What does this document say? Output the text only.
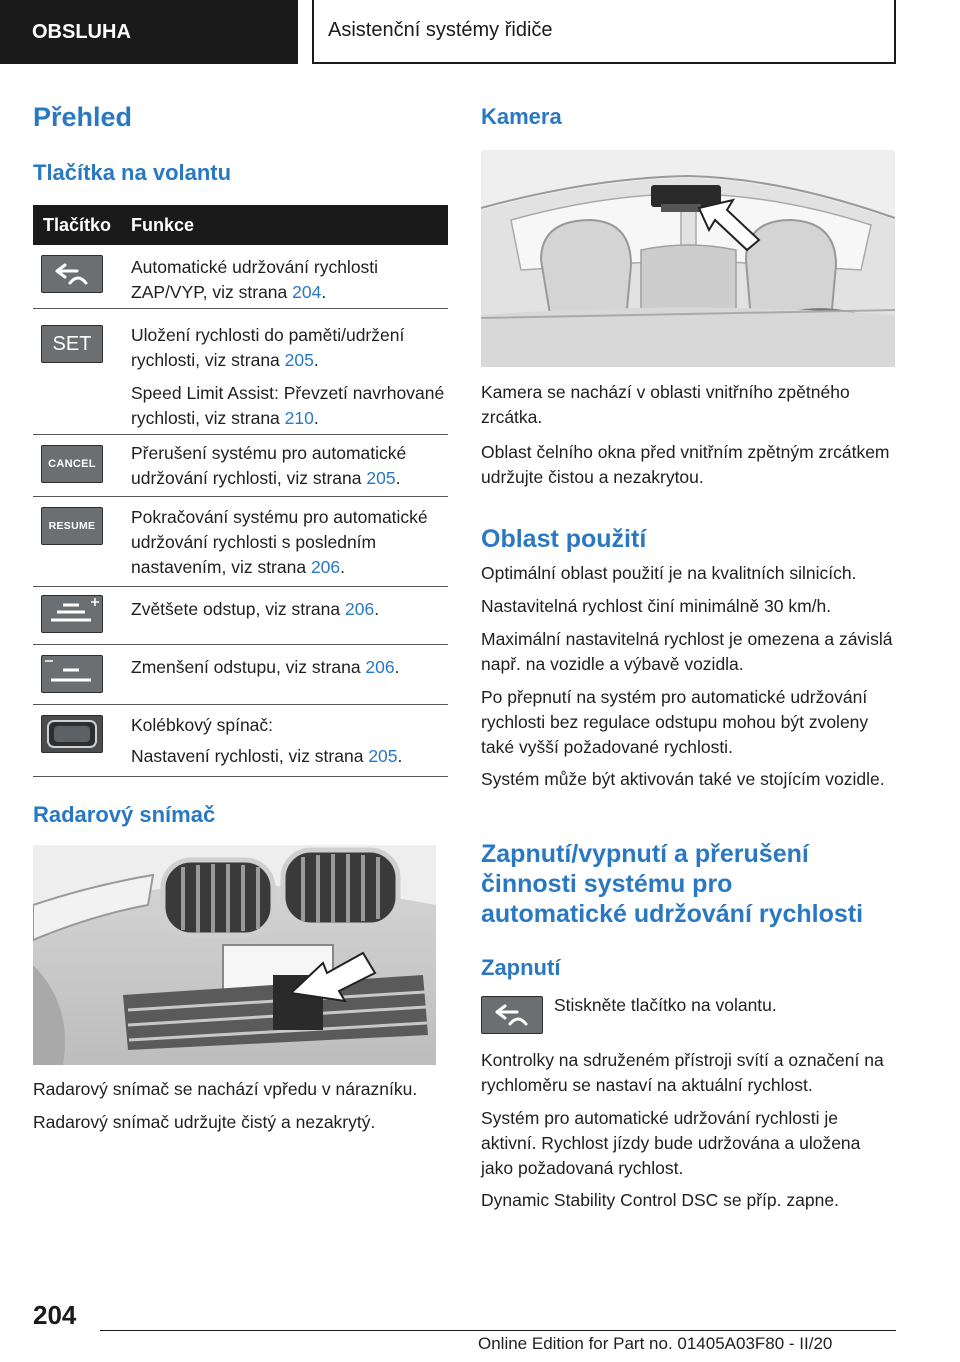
OBSLUHA	Asistenční systémy řidiče
Přehled
Tlačítka na volantu
Tlačítko Funkce
Automatické udržování rychlosti ZAP/VYP, viz strana 204.
SET Uložení rychlosti do paměti/udržení rychlosti, viz strana 205.
Speed Limit Assist: Převzetí navrhované rychlosti, viz strana 210.
CANCEL
Přerušení systému pro automatické udržování rychlosti, viz strana 205.
RESUME Pokračování systému pro automatické udržování rychlosti s posledním nastavením, viz strana 206.
Zvětšete odstup, viz strana 206.
Zmenšení odstupu, viz strana 206.
Kolébkový spínač:
Nastavení rychlosti, viz strana 205.
Radarový snímač
Radarový snímač se nachází vpředu v nárazníku.
Radarový snímač udržujte čistý a nezakrytý.
Kamera
Kamera se nachází v oblasti vnitřního zpětného zrcátka.
Oblast čelního okna před vnitřním zpětným zrcátkem udržujte čistou a nezakrytou.
Oblast použití
Optimální oblast použití je na kvalitních silnicích.
Nastavitelná rychlost činí minimálně 30 km/h.
Maximální nastavitelná rychlost je omezena a závislá např. na vozidle a výbavě vozidla.
Po přepnutí na systém pro automatické udržování rychlosti bez regulace odstupu mohou být zvoleny také vyšší požadované rychlosti.
Systém může být aktivován také ve stojícím vozidle.
Zapnutí/vypnutí a přerušení
činnosti systému pro
automatické udržování rychlosti
Zapnutí
Stiskněte tlačítko na volantu.
Kontrolky na sdruženém přístroji svítí a označení na rychloměru se nastaví na aktuální rychlost.
Systém pro automatické udržování rychlosti je aktivní. Rychlost jízdy bude udržována a uložena jako požadovaná rychlost.
Dynamic Stability Control DSC se příp. zapne.
204
Online Edition for Part no. 01405A03F80 - II/20
